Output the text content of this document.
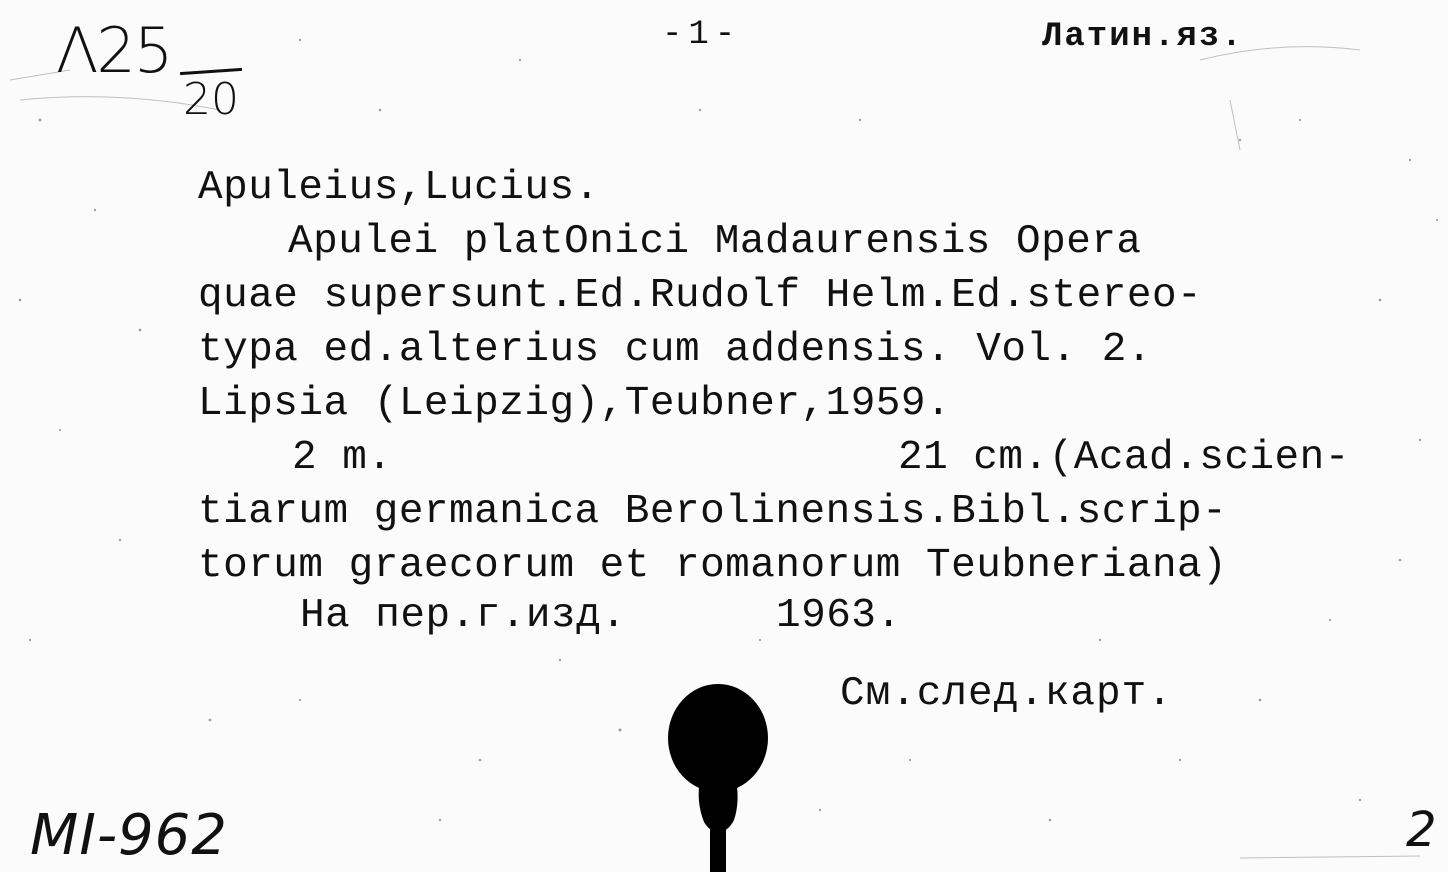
Λ25
20
-1-	Латин.яз.
Apuleius,Lucius.
Apulei platOnici Madaurensis Opera
quae supersunt.Ed.Rudolf Helm.Ed.stereo-
typa ed.alterius cum addensis. Vol. 2.
Lipsia (Leipzig),Teubner,1959.
2 m.	21 cm.(Acad.scien-
tiarum germanica Berolinensis.Bibl.scrip-
torum graecorum et romanorum Teubneriana)
На пер.г.изд.	1963.
См.след.карт.
MI-962	2
